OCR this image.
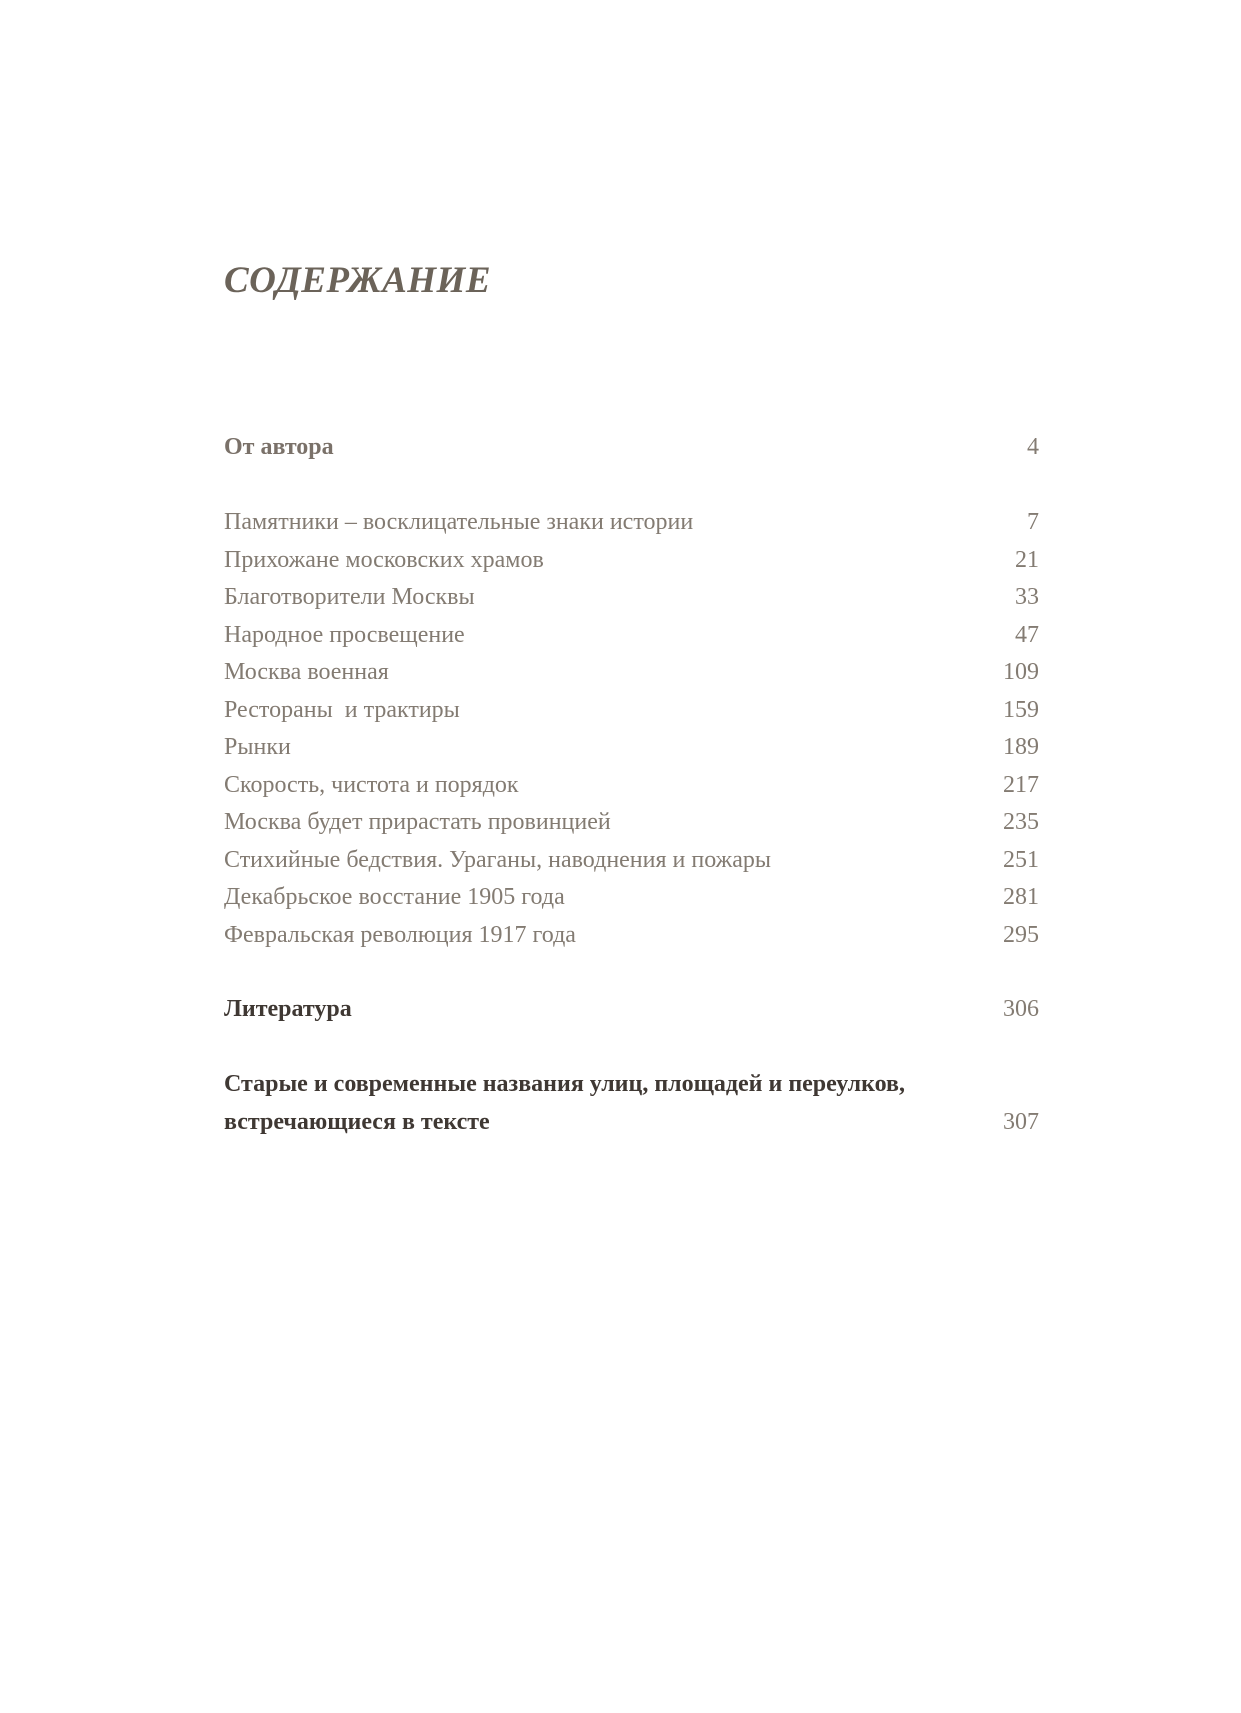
СОДЕРЖАНИЕ
От автора	4
Памятники – восклицательные знаки истории	7
Прихожане московских храмов	21
Благотворители Москвы	33
Народное просвещение	47
Москва военная	109
Рестораны  и трактиры	159
Рынки	189
Скорость, чистота и порядок	217
Москва будет прирастать провинцией	235
Стихийные бедствия. Ураганы, наводнения и пожары	251
Декабрьское восстание 1905 года	281
Февральская революция 1917 года	295
Литература	306
Старые и современные названия улиц, площадей и переулков,
встречающиеся в тексте	307
